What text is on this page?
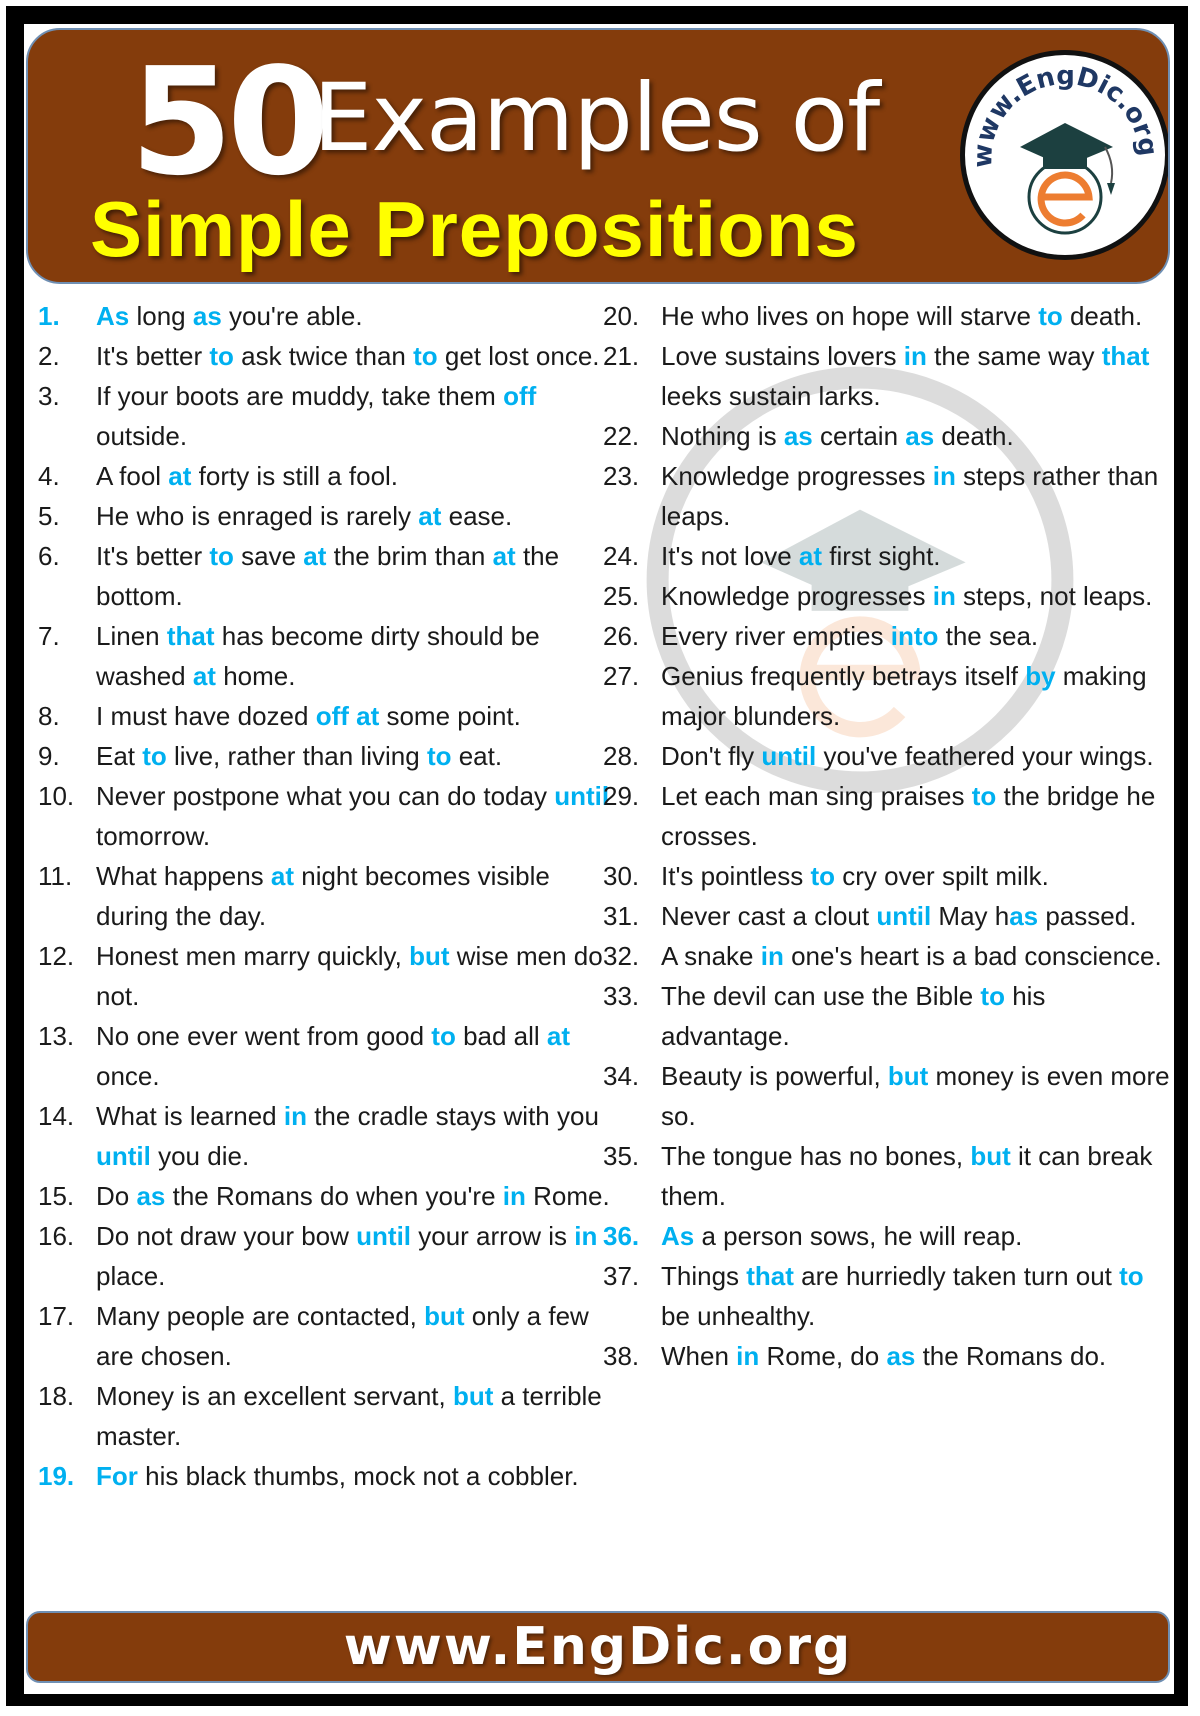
50
Examples of
Simple Prepositions
www.EngDic.org
1.	As long as you're able.
2.	It's better to ask twice than to get lost once.
3.	If your boots are muddy, take them off outside.
4.	A fool at forty is still a fool.
5.	He who is enraged is rarely at ease.
6.	It's better to save at the brim than at the bottom.
7.	Linen that has become dirty should be washed at home.
8.	I must have dozed off at some point.
9.	Eat to live, rather than living to eat.
10. Never postpone what you can do today until tomorrow.
11. What happens at night becomes visible during the day.
12. Honest men marry quickly, but wise men do not.
13. No one ever went from good to bad all at once.
14. What is learned in the cradle stays with you until you die.
15. Do as the Romans do when you're in Rome.
16. Do not draw your bow until your arrow is in place.
17. Many people are contacted, but only a few are chosen.
18. Money is an excellent servant, but a terrible master.
19. For his black thumbs, mock not a cobbler.
20. He who lives on hope will starve to death.
21. Love sustains lovers in the same way that leeks sustain larks.
22. Nothing is as certain as death.
23. Knowledge progresses in steps rather than leaps.
24. It's not love at first sight.
25. Knowledge progresses in steps, not leaps.
26. Every river empties into the sea.
27. Genius frequently betrays itself by making major blunders.
28. Don't fly until you've feathered your wings.
29. Let each man sing praises to the bridge he crosses.
30. It's pointless to cry over spilt milk.
31. Never cast a clout until May has passed.
32. A snake in one's heart is a bad conscience.
33. The devil can use the Bible to his advantage.
34. Beauty is powerful, but money is even more so.
35. The tongue has no bones, but it can break them.
36. As a person sows, he will reap.
37. Things that are hurriedly taken turn out to be unhealthy.
38. When in Rome, do as the Romans do.
www.EngDic.org
